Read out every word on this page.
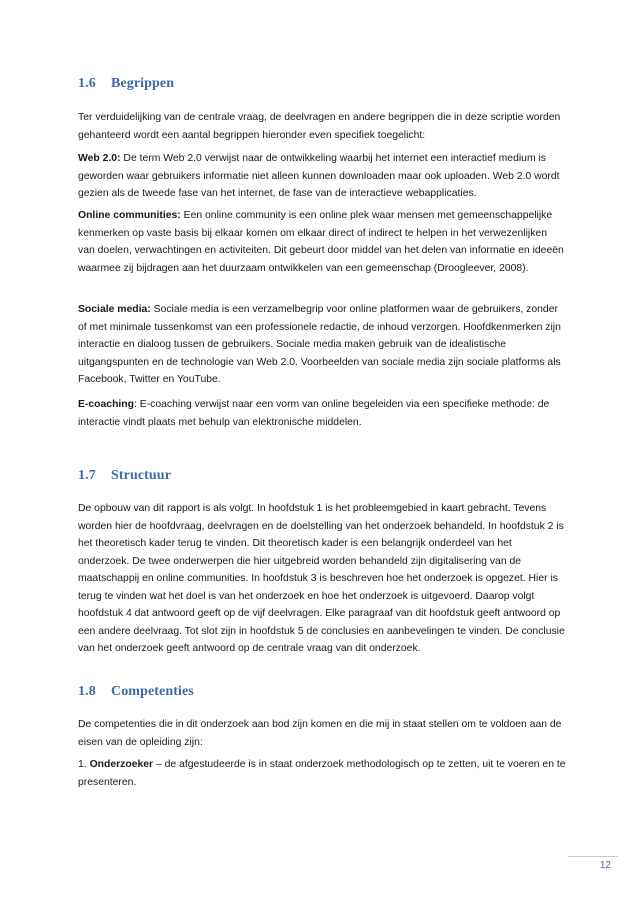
1.6 Begrippen

Ter verduidelijking van de centrale vraag, de deelvragen en andere begrippen die in deze scriptie worden gehanteerd wordt een aantal begrippen hieronder even specifiek toegelicht:

Web 2.0: De term Web 2.0 verwijst naar de ontwikkeling waarbij het internet een interactief medium is geworden waar gebruikers informatie niet alleen kunnen downloaden maar ook uploaden. Web 2.0 wordt gezien als de tweede fase van het internet, de fase van de interactieve webapplicaties.

Online communities: Een online community is een online plek waar mensen met gemeenschappelijke kenmerken op vaste basis bij elkaar komen om elkaar direct of indirect te helpen in het verwezenlijken van doelen, verwachtingen en activiteiten. Dit gebeurt door middel van het delen van informatie en ideeën waarmee zij bijdragen aan het duurzaam ontwikkelen van een gemeenschap (Droogleever, 2008).

Sociale media: Sociale media is een verzamelbegrip voor online platformen waar de gebruikers, zonder of met minimale tussenkomst van een professionele redactie, de inhoud verzorgen. Hoofdkenmerken zijn interactie en dialoog tussen de gebruikers. Sociale media maken gebruik van de idealistische uitgangspunten en de technologie van Web 2.0. Voorbeelden van sociale media zijn sociale platforms als Facebook, Twitter en YouTube.

E-coaching: E-coaching verwijst naar een vorm van online begeleiden via een specifieke methode: de interactie vindt plaats met behulp van elektronische middelen.

1.7 Structuur

De opbouw van dit rapport is als volgt. In hoofdstuk 1 is het probleemgebied in kaart gebracht. Tevens worden hier de hoofdvraag, deelvragen en de doelstelling van het onderzoek behandeld. In hoofdstuk 2 is het theoretisch kader terug te vinden. Dit theoretisch kader is een belangrijk onderdeel van het onderzoek. De twee onderwerpen die hier uitgebreid worden behandeld zijn digitalisering van de maatschappij en online communities. In hoofdstuk 3 is beschreven hoe het onderzoek is opgezet. Hier is terug te vinden wat het doel is van het onderzoek en hoe het onderzoek is uitgevoerd. Daarop volgt hoofdstuk 4 dat antwoord geeft op de vijf deelvragen. Elke paragraaf van dit hoofdstuk geeft antwoord op een andere deelvraag. Tot slot zijn in hoofdstuk 5 de conclusies en aanbevelingen te vinden. De conclusie van het onderzoek geeft antwoord op de centrale vraag van dit onderzoek.

1.8 Competenties

De competenties die in dit onderzoek aan bod zijn komen en die mij in staat stellen om te voldoen aan de eisen van de opleiding zijn:

1. Onderzoeker – de afgestudeerde is in staat onderzoek methodologisch op te zetten, uit te voeren en te presenteren.

12
